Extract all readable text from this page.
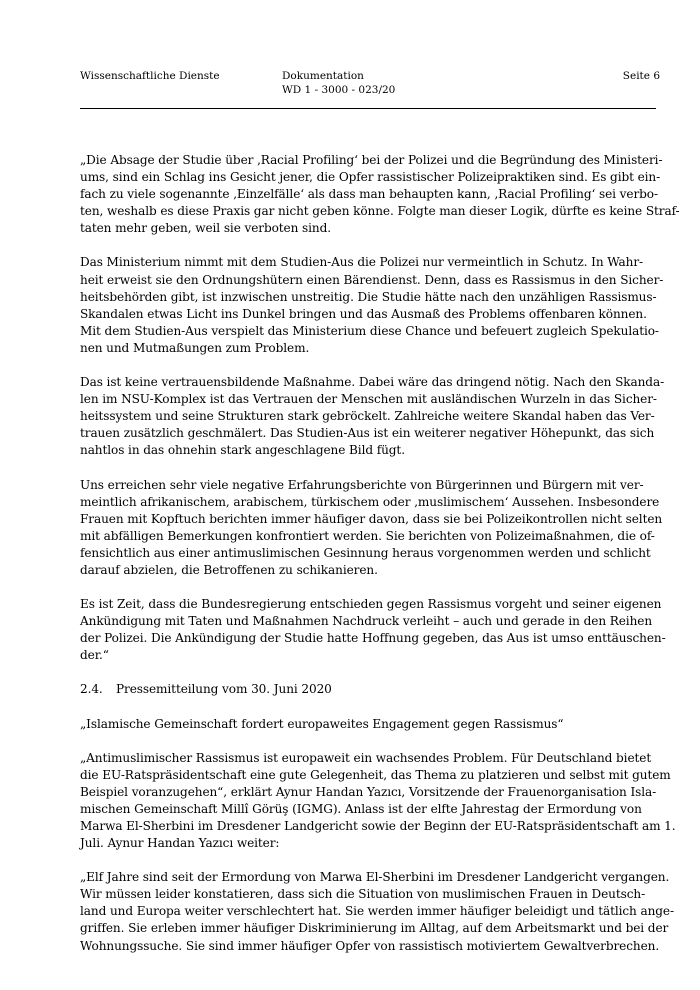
Wissenschaftliche Dienste	Dokumentation
WD 1 - 3000 - 023/20
Seite 6

„Die Absage der Studie über ‚Racial Profiling‘ bei der Polizei und die Begründung des Ministeri-
ums, sind ein Schlag ins Gesicht jener, die Opfer rassistischer Polizeipraktiken sind. Es gibt ein-
fach zu viele sogenannte ‚Einzelfälle‘ als dass man behaupten kann, ‚Racial Profiling‘ sei verbo-
ten, weshalb es diese Praxis gar nicht geben könne. Folgte man dieser Logik, dürfte es keine Straf-
taten mehr geben, weil sie verboten sind.

Das Ministerium nimmt mit dem Studien-Aus die Polizei nur vermeintlich in Schutz. In Wahr-
heit erweist sie den Ordnungshütern einen Bärendienst. Denn, dass es Rassismus in den Sicher-
heitsbehörden gibt, ist inzwischen unstreitig. Die Studie hätte nach den unzähligen Rassismus-
Skandalen etwas Licht ins Dunkel bringen und das Ausmaß des Problems offenbaren können.
Mit dem Studien-Aus verspielt das Ministerium diese Chance und befeuert zugleich Spekulatio-
nen und Mutmaßungen zum Problem.

Das ist keine vertrauensbildende Maßnahme. Dabei wäre das dringend nötig. Nach den Skanda-
len im NSU-Komplex ist das Vertrauen der Menschen mit ausländischen Wurzeln in das Sicher-
heitssystem und seine Strukturen stark gebröckelt. Zahlreiche weitere Skandal haben das Ver-
trauen zusätzlich geschmälert. Das Studien-Aus ist ein weiterer negativer Höhepunkt, das sich
nahtlos in das ohnehin stark angeschlagene Bild fügt.

Uns erreichen sehr viele negative Erfahrungsberichte von Bürgerinnen und Bürgern mit ver-
meintlich afrikanischem, arabischem, türkischem oder ‚muslimischem‘ Aussehen. Insbesondere
Frauen mit Kopftuch berichten immer häufiger davon, dass sie bei Polizeikontrollen nicht selten
mit abfälligen Bemerkungen konfrontiert werden. Sie berichten von Polizeimaßnahmen, die of-
fensichtlich aus einer antimuslimischen Gesinnung heraus vorgenommen werden und schlicht
darauf abzielen, die Betroffenen zu schikanieren.

Es ist Zeit, dass die Bundesregierung entschieden gegen Rassismus vorgeht und seiner eigenen
Ankündigung mit Taten und Maßnahmen Nachdruck verleiht – auch und gerade in den Reihen
der Polizei. Die Ankündigung der Studie hatte Hoffnung gegeben, das Aus ist umso enttäuschen-
der.“

2.4. Pressemitteilung vom 30. Juni 2020

„Islamische Gemeinschaft fordert europaweites Engagement gegen Rassismus“

„Antimuslimischer Rassismus ist europaweit ein wachsendes Problem. Für Deutschland bietet
die EU-Ratspräsidentschaft eine gute Gelegenheit, das Thema zu platzieren und selbst mit gutem
Beispiel voranzugehen“, erklärt Aynur Handan Yazıcı, Vorsitzende der Frauenorganisation Isla-
mischen Gemeinschaft Millî Görüş (IGMG). Anlass ist der elfte Jahrestag der Ermordung von
Marwa El-Sherbini im Dresdener Landgericht sowie der Beginn der EU-Ratspräsidentschaft am 1.
Juli. Aynur Handan Yazıcı weiter:

„Elf Jahre sind seit der Ermordung von Marwa El-Sherbini im Dresdener Landgericht vergangen.
Wir müssen leider konstatieren, dass sich die Situation von muslimischen Frauen in Deutsch-
land und Europa weiter verschlechtert hat. Sie werden immer häufiger beleidigt und tätlich ange-
griffen. Sie erleben immer häufiger Diskriminierung im Alltag, auf dem Arbeitsmarkt und bei der
Wohnungssuche. Sie sind immer häufiger Opfer von rassistisch motiviertem Gewaltverbrechen.
